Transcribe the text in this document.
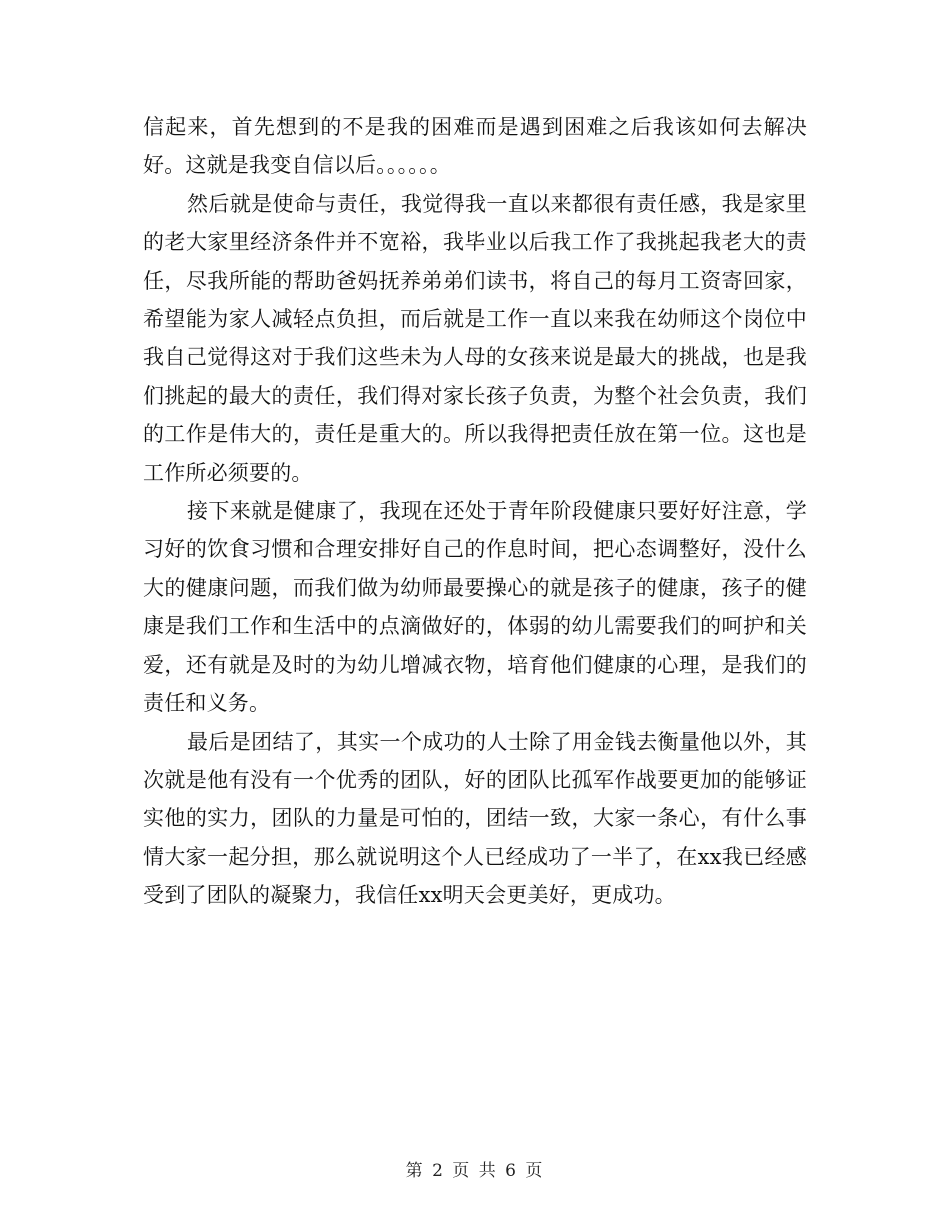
信起来，首先想到的不是我的困难而是遇到困难之后我该如何去解决好。这就是我变自信以后。。。。。。

然后就是使命与责任，我觉得我一直以来都很有责任感，我是家里的老大家里经济条件并不宽裕，我毕业以后我工作了我挑起我老大的责任，尽我所能的帮助爸妈抚养弟弟们读书，将自己的每月工资寄回家，希望能为家人减轻点负担，而后就是工作一直以来我在幼师这个岗位中我自己觉得这对于我们这些未为人母的女孩来说是最大的挑战，也是我们挑起的最大的责任，我们得对家长孩子负责，为整个社会负责，我们的工作是伟大的，责任是重大的。所以我得把责任放在第一位。这也是工作所必须要的。

接下来就是健康了，我现在还处于青年阶段健康只要好好注意，学习好的饮食习惯和合理安排好自己的作息时间，把心态调整好，没什么大的健康问题，而我们做为幼师最要操心的就是孩子的健康，孩子的健康是我们工作和生活中的点滴做好的，体弱的幼儿需要我们的呵护和关爱，还有就是及时的为幼儿增减衣物，培育他们健康的心理，是我们的责任和义务。

最后是团结了，其实一个成功的人士除了用金钱去衡量他以外，其次就是他有没有一个优秀的团队，好的团队比孤军作战要更加的能够证实他的实力，团队的力量是可怕的，团结一致，大家一条心，有什么事情大家一起分担，那么就说明这个人已经成功了一半了，在xx我已经感受到了团队的凝聚力，我信任xx明天会更美好，更成功。

第 2 页 共 6 页
